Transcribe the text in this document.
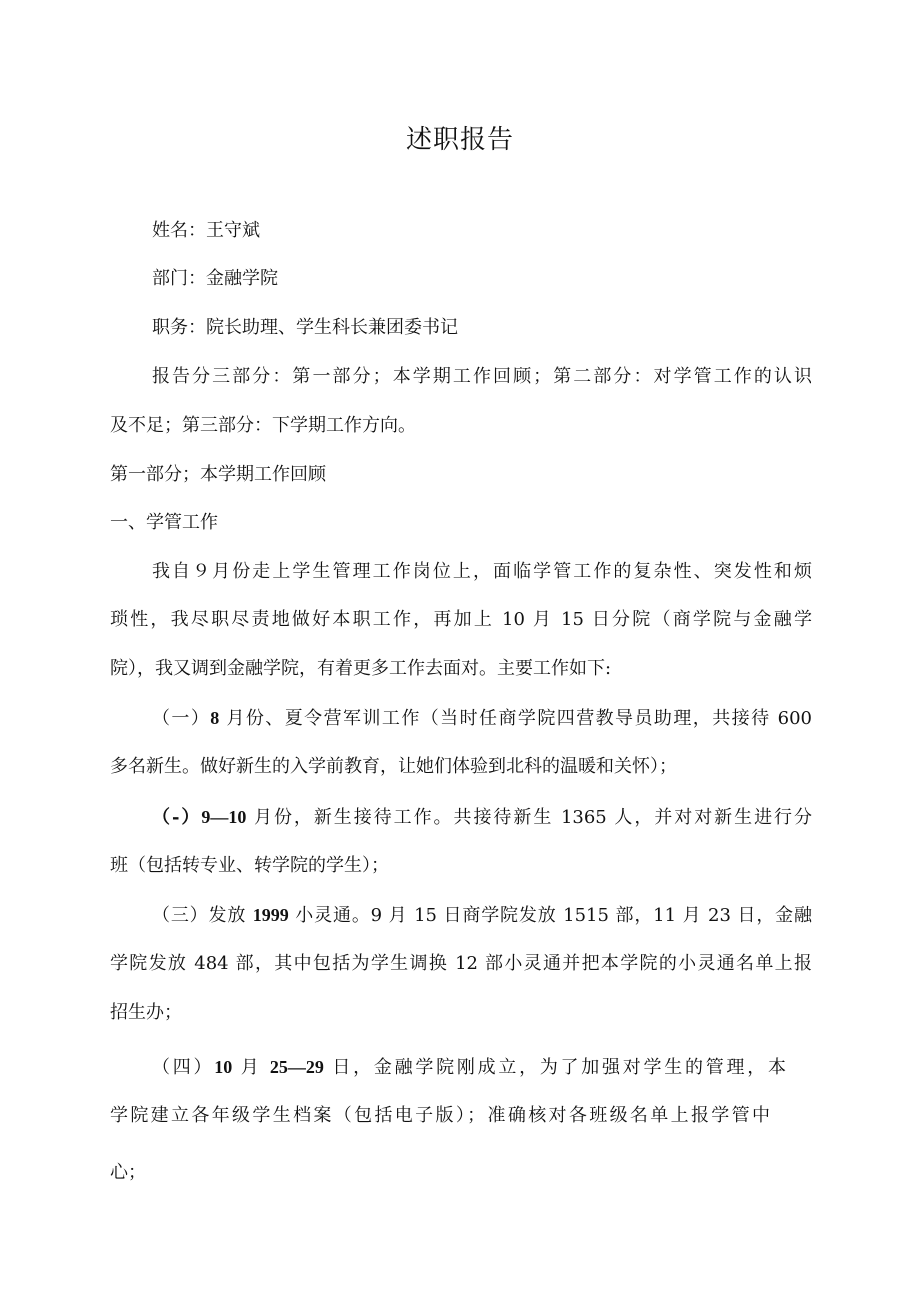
述职报告
姓名：王守斌
部门：金融学院
职务：院长助理、学生科长兼团委书记
报告分三部分：第一部分；本学期工作回顾；第二部分：对学管工作的认识
及不足；第三部分：下学期工作方向。
第一部分；本学期工作回顾
一、学管工作
我自９月份走上学生管理工作岗位上，面临学管工作的复杂性、突发性和烦
琐性，我尽职尽责地做好本职工作，再加上 10 月 15 日分院（商学院与金融学
院），我又调到金融学院，有着更多工作去面对。主要工作如下:
（一）8 月份、夏令营军训工作（当时任商学院四营教导员助理，共接待 600
多名新生。做好新生的入学前教育，让她们体验到北科的温暖和关怀）；
（-）9—10 月份，新生接待工作。共接待新生 1365 人，并对对新生进行分
班（包括转专业、转学院的学生）；
（三）发放 1999 小灵通。9 月 15 日商学院发放 1515 部，11 月 23 日，金融
学院发放 484 部，其中包括为学生调换 12 部小灵通并把本学院的小灵通名单上报
招生办；
（四）10 月 25—29 日，金融学院刚成立，为了加强对学生的管理，本
学院建立各年级学生档案（包括电子版）；准确核对各班级名单上报学管中
心；
